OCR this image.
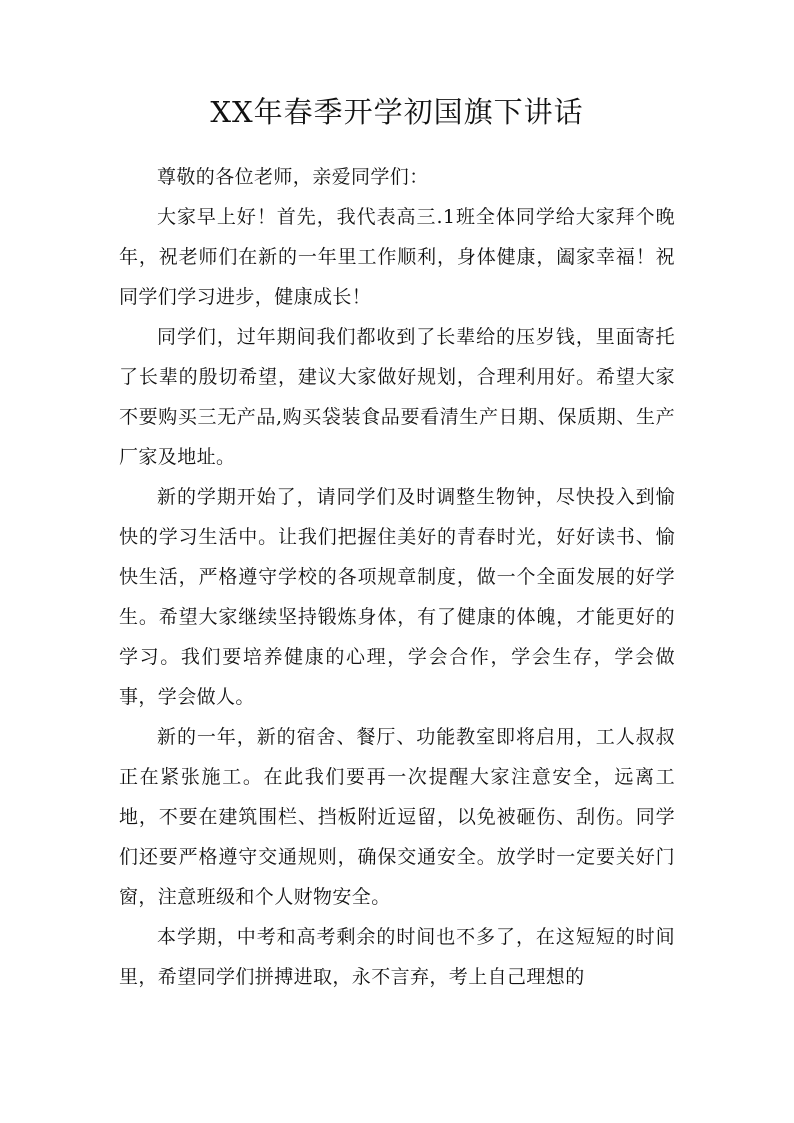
XX年春季开学初国旗下讲话

尊敬的各位老师，亲爱同学们：

大家早上好！首先，我代表高三.1班全体同学给大家拜个晚年，祝老师们在新的一年里工作顺利，身体健康，阖家幸福！祝同学们学习进步，健康成长！

同学们，过年期间我们都收到了长辈给的压岁钱，里面寄托了长辈的殷切希望，建议大家做好规划，合理利用好。希望大家不要购买三无产品,购买袋装食品要看清生产日期、保质期、生产厂家及地址。

新的学期开始了，请同学们及时调整生物钟，尽快投入到愉快的学习生活中。让我们把握住美好的青春时光，好好读书、愉快生活，严格遵守学校的各项规章制度，做一个全面发展的好学生。希望大家继续坚持锻炼身体，有了健康的体魄，才能更好的学习。我们要培养健康的心理，学会合作，学会生存，学会做事，学会做人。

新的一年，新的宿舍、餐厅、功能教室即将启用，工人叔叔正在紧张施工。在此我们要再一次提醒大家注意安全，远离工地，不要在建筑围栏、挡板附近逗留，以免被砸伤、刮伤。同学们还要严格遵守交通规则，确保交通安全。放学时一定要关好门窗，注意班级和个人财物安全。

本学期，中考和高考剩余的时间也不多了，在这短短的时间里，希望同学们拼搏进取，永不言弃，考上自己理想的
